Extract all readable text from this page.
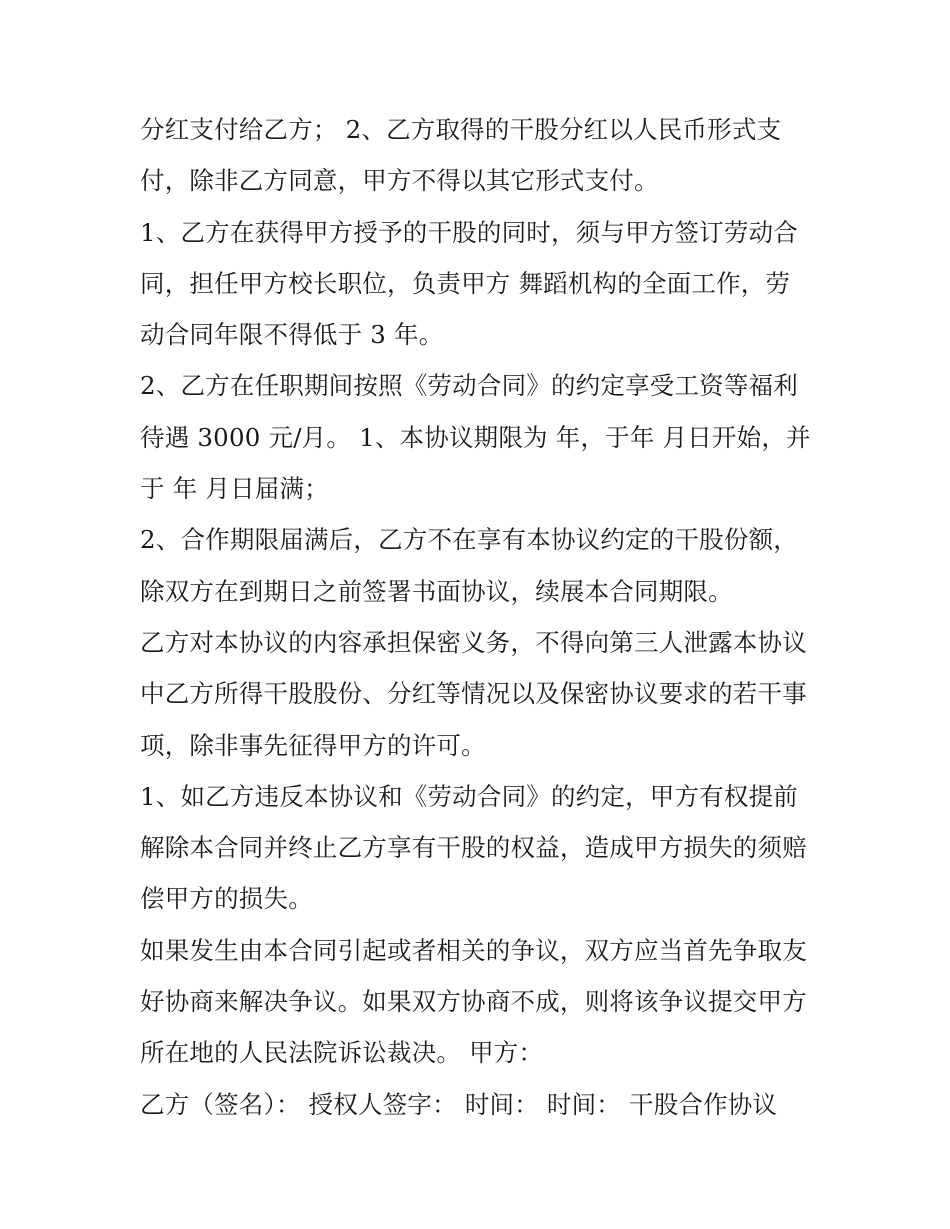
分红支付给乙方； 2、乙方取得的干股分红以人民币形式支
付，除非乙方同意，甲方不得以其它形式支付。
1、乙方在获得甲方授予的干股的同时，须与甲方签订劳动合
同，担任甲方校长职位，负责甲方 舞蹈机构的全面工作，劳
动合同年限不得低于 3 年。
2、乙方在任职期间按照《劳动合同》的约定享受工资等福利
待遇 3000 元/月。 1、本协议期限为 年，于年 月日开始，并
于 年 月日届满；
2、合作期限届满后，乙方不在享有本协议约定的干股份额，
除双方在到期日之前签署书面协议，续展本合同期限。
乙方对本协议的内容承担保密义务，不得向第三人泄露本协议
中乙方所得干股股份、分红等情况以及保密协议要求的若干事
项，除非事先征得甲方的许可。
1、如乙方违反本协议和《劳动合同》的约定，甲方有权提前
解除本合同并终止乙方享有干股的权益，造成甲方损失的须赔
偿甲方的损失。
如果发生由本合同引起或者相关的争议，双方应当首先争取友
好协商来解决争议。如果双方协商不成，则将该争议提交甲方
所在地的人民法院诉讼裁决。 甲方：
乙方（签名）： 授权人签字： 时间： 时间： 干股合作协议
